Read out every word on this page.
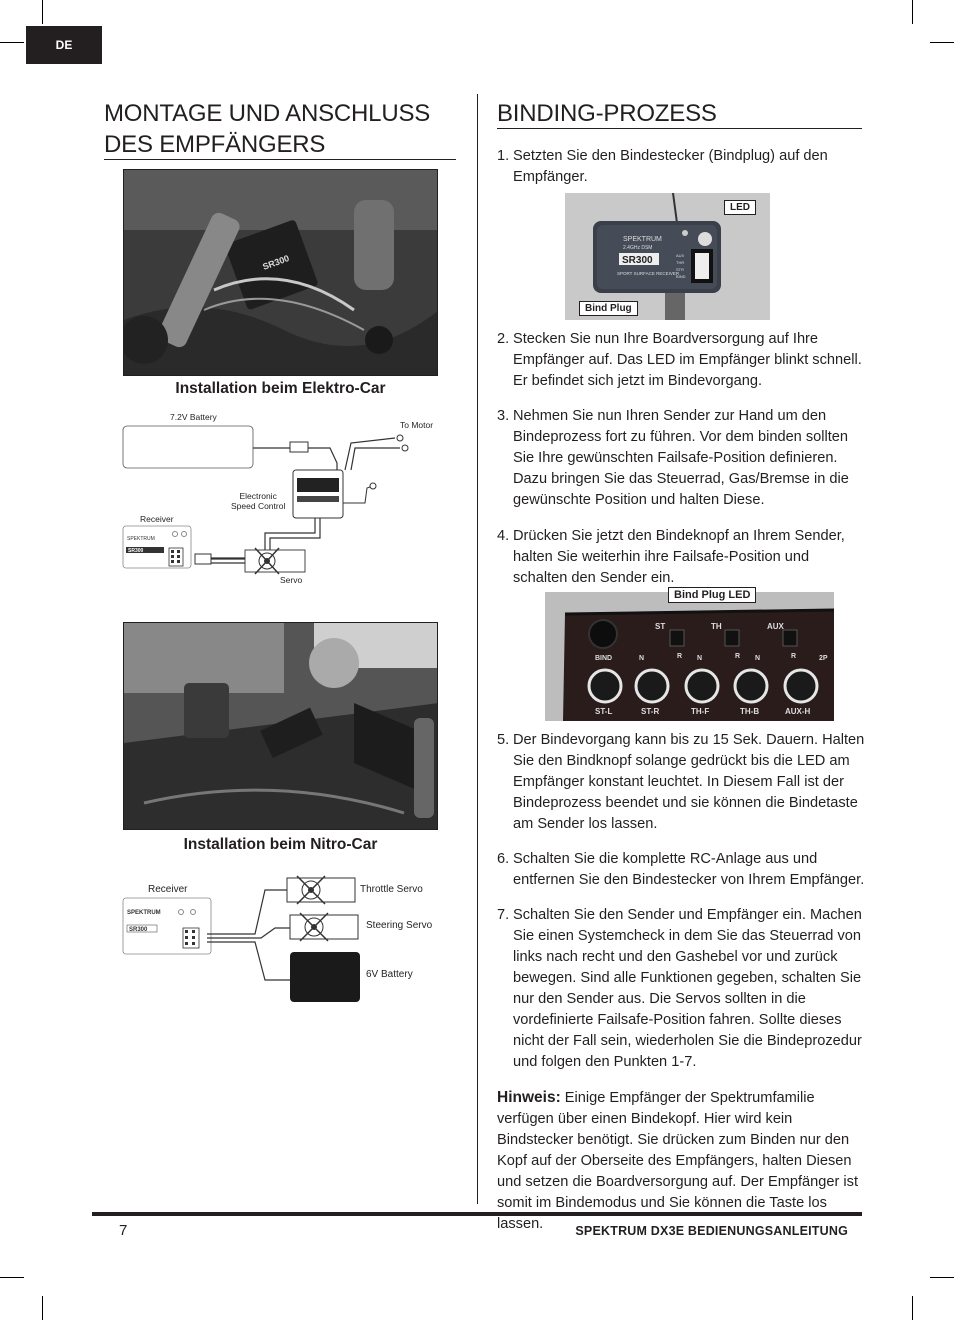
DE
MONTAGE UND ANSCHLUSS DES EMPFÄNGERS
SR300
Installation beim Elektro-Car
SPEKTRUM
SR300
7.2V Battery
To Motor
Electronic
Speed Control
Receiver
Servo
Installation beim Nitro-Car
SPEKTRUM
SR300
Receiver	Throttle Servo
Steering Servo
6V Battery
BINDING-PROZESS
1. Setzten Sie den Bindestecker (Bindplug) auf den Empfänger.
SPEKTRUM
2.4GHz DSM
SR300
SPORT SURFACE RECEIVER
AUX
THR
STR
BIND
LED
Bind Plug
2. Stecken Sie nun Ihre Boardversorgung auf Ihre Empfänger auf. Das LED im Empfänger blinkt schnell. Er befindet sich jetzt im Bindevorgang.
3. Nehmen Sie nun Ihren Sender zur Hand um den Bindeprozess fort zu führen. Vor dem binden sollten Sie Ihre gewünschten Failsafe-Position definieren.
Dazu bringen Sie das Steuerrad, Gas/Bremse in die gewünschte Position und halten Diese.
4. Drücken Sie jetzt den Bindeknopf an Ihrem Sender, halten Sie weiterhin ihre Failsafe-Position und schalten den Sender ein.
ST	TH	AUX
BIND	N	R N	R N	R	2P
ST-L	ST-R	TH-F	TH-B	AUX-H
Bind Plug LED
5. Der Bindevorgang kann bis zu 15 Sek. Dauern. Halten Sie den Bindknopf solange gedrückt bis die LED am Empfänger konstant leuchtet. In Diesem Fall ist der Bindeprozess beendet und sie können die Bindetaste am Sender los lassen.
6. Schalten Sie die komplette RC-Anlage aus und entfernen Sie den Bindestecker von Ihrem Empfänger.
7. Schalten Sie den Sender und Empfänger ein. Machen Sie einen Systemcheck in dem Sie das Steuerrad von links nach recht und den Gashebel vor und zurück bewegen. Sind alle Funktionen gegeben, schalten Sie nur den Sender aus. Die Servos sollten in die vordefinierte Failsafe-Position fahren. Sollte dieses nicht der Fall sein, wiederholen Sie die Bindeprozedur und folgen den Punkten 1-7.
Hinweis: Einige Empfänger der Spektrumfamilie verfügen über einen Bindekopf. Hier wird kein Bindstecker benötigt. Sie drücken zum Binden nur den Kopf auf der Oberseite des Empfängers, halten Diesen und setzen die Boardversorgung auf. Der Empfänger ist somit im Bindemodus und Sie können die Taste los lassen.
7	SPEKTRUM DX3E BEDIENUNGSANLEITUNG
